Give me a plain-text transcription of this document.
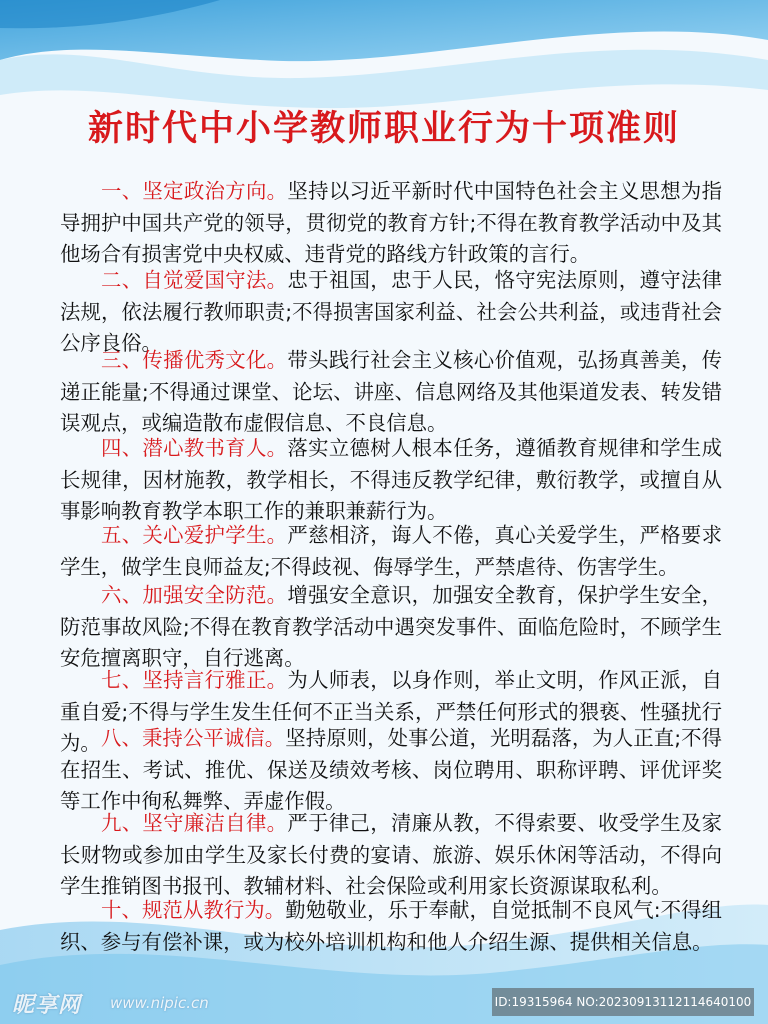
新时代中小学教师职业行为十项准则

一、坚定政治方向。坚持以习近平新时代中国特色社会主义思想为指导拥护中国共产党的领导，贯彻党的教育方针;不得在教育教学活动中及其他场合有损害党中央权威、违背党的路线方针政策的言行。

二、自觉爱国守法。忠于祖国，忠于人民，恪守宪法原则，遵守法律法规，依法履行教师职责;不得损害国家利益、社会公共利益，或违背社会公序良俗。

三、传播优秀文化。带头践行社会主义核心价值观，弘扬真善美，传递正能量;不得通过课堂、论坛、讲座、信息网络及其他渠道发表、转发错误观点，或编造散布虚假信息、不良信息。

四、潜心教书育人。落实立德树人根本任务，遵循教育规律和学生成长规律，因材施教，教学相长，不得违反教学纪律，敷衍教学，或擅自从事影响教育教学本职工作的兼职兼薪行为。

五、关心爱护学生。严慈相济，诲人不倦，真心关爱学生，严格要求学生，做学生良师益友;不得歧视、侮辱学生，严禁虐待、伤害学生。

六、加强安全防范。增强安全意识，加强安全教育，保护学生安全，防范事故风险;不得在教育教学活动中遇突发事件、面临危险时，不顾学生安危擅离职守，自行逃离。

七、坚持言行雅正。为人师表，以身作则，举止文明，作风正派，自重自爱;不得与学生发生任何不正当关系，严禁任何形式的猥亵、性骚扰行为。 八、秉持公平诚信。坚持原则，处事公道，光明磊落，为人正直;不得在招生、考试、推优、保送及绩效考核、岗位聘用、职称评聘、评优评奖等工作中徇私舞弊、弄虚作假。

九、坚守廉洁自律。严于律己，清廉从教，不得索要、收受学生及家长财物或参加由学生及家长付费的宴请、旅游、娱乐休闲等活动，不得向学生推销图书报刊、教辅材料、社会保险或利用家长资源谋取私利。

十、规范从教行为。勤勉敬业，乐于奉献，自觉抵制不良风气:不得组织、参与有偿补课，或为校外培训机构和他人介绍生源、提供相关信息。

昵享网 www.nipic.cn	ID:19315964 NO:20230913112114640100
